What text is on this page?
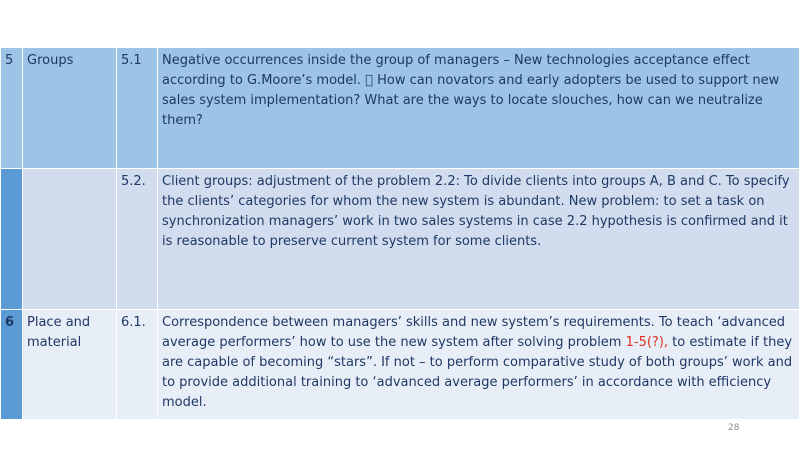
5	Groups	5.1	Negative occurrences inside the group of managers – New technologies acceptance effect according to G.Moore’s model. How can novators and early adopters be used to support new sales system implementation? What are the ways to locate slouches, how can we neutralize them?
		5.2.	Client groups: adjustment of the problem 2.2: To divide clients into groups A, B and C. To specify the clients’ categories for whom the new system is abundant. New problem: to set a task on synchronization managers’ work in two sales systems in case 2.2 hypothesis is confirmed and it is reasonable to preserve current system for some clients.
6	Place and material	6.1.	Correspondence between managers’ skills and new system’s requirements. To teach ‘advanced average performers’ how to use the new system after solving problem 1-5(?), to estimate if they are capable of becoming “stars”. If not – to perform comparative study of both groups’ work and to provide additional training to ‘advanced average performers’ in accordance with efficiency model.
28
